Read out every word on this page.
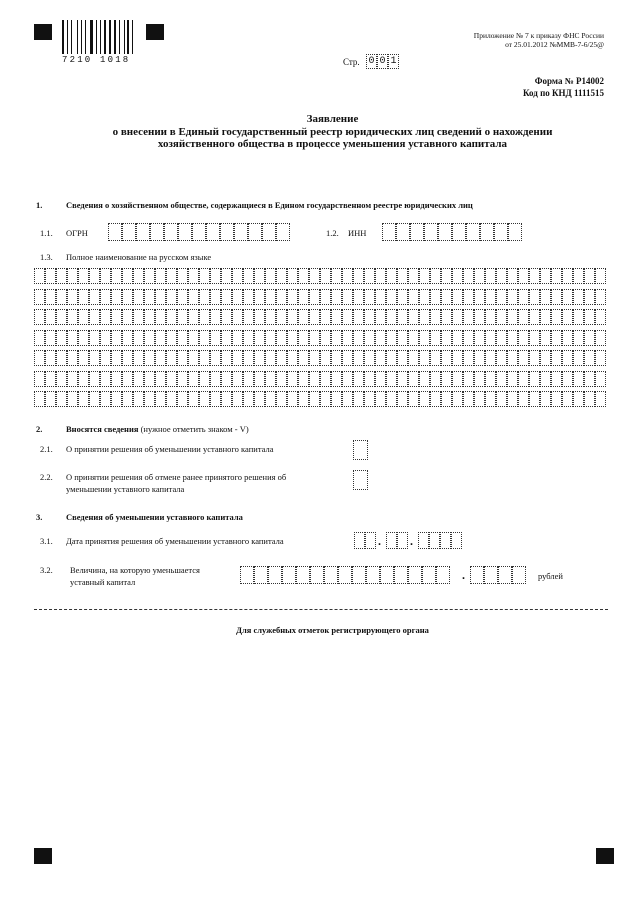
7210 1018
Приложение № 7 к приказу ФНС России
от 25.01.2012 №ММВ-7-6/25@
Стр. 0 0 1
Форма № Р14002
Код по КНД 1111515
Заявление
о внесении в Единый государственный реестр юридических лиц сведений о нахождении
хозяйственного общества в процессе уменьшения уставного капитала
1.	Сведения о хозяйственном обществе, содержащиеся в Едином государственном реестре юридических лиц
1.1. ОГРН	1.2. ИНН
1.3. Полное наименование на русском языке
2.	Вносятся сведения (нужное отметить знаком - V)
2.1. О принятии решения об уменьшении уставного капитала
2.2. О принятии решения об отмене ранее принятого решения об
уменьшении уставного капитала
3.	Сведения об уменьшении уставного капитала
3.1. Дата принятия решения об уменьшении уставного капитала	. .
3.2. Величина, на которую уменьшается
уставный капитал	.	рублей
Для служебных отметок регистрирующего органа
